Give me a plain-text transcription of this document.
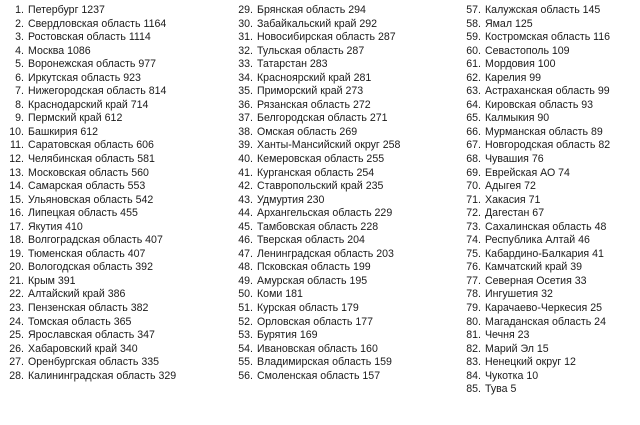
1. Петербург 1237
2. Свердловская область 1164
3. Ростовская область 1114
4. Москва 1086
5. Воронежская область 977
6. Иркутская область 923
7. Нижегородская область 814
8. Краснодарский край 714
9. Пермский край 612
10. Башкирия 612
11. Саратовская область 606
12. Челябинская область 581
13. Московская область 560
14. Самарская область 553
15. Ульяновская область 542
16. Липецкая область 455
17. Якутия 410
18. Волгоградская область 407
19. Тюменская область 407
20. Вологодская область 392
21. Крым 391
22. Алтайский край 386
23. Пензенская область 382
24. Томская область 365
25. Ярославская область 347
26. Хабаровский край 340
27. Оренбургская область 335
28. Калининградская область 329
29. Брянская область 294
30. Забайкальский край 292
31. Новосибирская область 287
32. Тульская область 287
33. Татарстан 283
34. Красноярский край 281
35. Приморский край 273
36. Рязанская область 272
37. Белгородская область 271
38. Омская область 269
39. Ханты-Мансийский округ 258
40. Кемеровская область 255
41. Курганская область 254
42. Ставропольский край 235
43. Удмуртия 230
44. Архангельская область 229
45. Тамбовская область 228
46. Тверская область 204
47. Ленинградская область 203
48. Псковская область 199
49. Амурская область 195
50. Коми 181
51. Курская область 179
52. Орловская область 177
53. Бурятия 169
54. Ивановская область 160
55. Владимирская область 159
56. Смоленская область 157
57. Калужская область 145
58. Ямал 125
59. Костромская область 116
60. Севастополь 109
61. Мордовия 100
62. Карелия 99
63. Астраханская область 99
64. Кировская область 93
65. Калмыкия 90
66. Мурманская область 89
67. Новгородская область 82
68. Чувашия 76
69. Еврейская АО 74
70. Адыгея 72
71. Хакасия 71
72. Дагестан 67
73. Сахалинская область 48
74. Республика Алтай 46
75. Кабардино-Балкария 41
76. Камчатский край 39
77. Северная Осетия 33
78. Ингушетия 32
79. Карачаево-Черкесия 25
80. Магаданская область 24
81. Чечня 23
82. Марий Эл 15
83. Ненецкий округ 12
84. Чукотка 10
85. Тува 5
